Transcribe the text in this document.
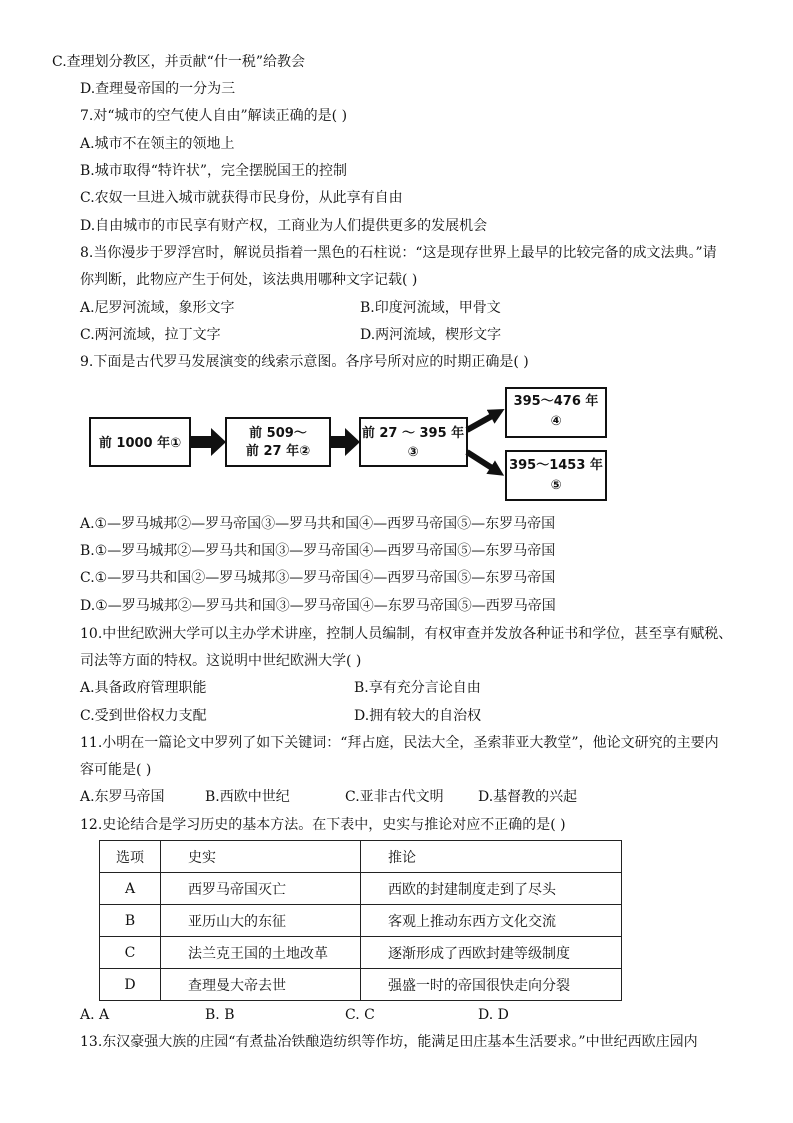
C.查理划分教区，并贡献“什一税”给教会
D.查理曼帝国的一分为三
7.对“城市的空气使人自由”解读正确的是( )
A.城市不在领主的领地上
B.城市取得“特许状”，完全摆脱国王的控制
C.农奴一旦进入城市就获得市民身份，从此享有自由
D.自由城市的市民享有财产权，工商业为人们提供更多的发展机会
8.当你漫步于罗浮宫时，解说员指着一黑色的石柱说：“这是现存世界上最早的比较完备的成文法典。”请
你判断，此物应产生于何处，该法典用哪种文字记载( )
A.尼罗河流域，象形文字	B.印度河流域，甲骨文
C.两河流域，拉丁文字	D.两河流域，楔形文字
9.下面是古代罗马发展演变的线索示意图。各序号所对应的时期正确是( )
前 1000 年①
前 509～
前 27 年②
前 27 ～ 395 年
③
395～476 年
④
395～1453 年
⑤
A.①—罗马城邦②—罗马帝国③—罗马共和国④—西罗马帝国⑤—东罗马帝国
B.①—罗马城邦②—罗马共和国③—罗马帝国④—西罗马帝国⑤—东罗马帝国
C.①—罗马共和国②—罗马城邦③—罗马帝国④—西罗马帝国⑤—东罗马帝国
D.①—罗马城邦②—罗马共和国③—罗马帝国④—东罗马帝国⑤—西罗马帝国
10.中世纪欧洲大学可以主办学术讲座，控制人员编制，有权审查并发放各种证书和学位，甚至享有赋税、
司法等方面的特权。这说明中世纪欧洲大学( )
A.具备政府管理职能	B.享有充分言论自由
C.受到世俗权力支配	D.拥有较大的自治权
11.小明在一篇论文中罗列了如下关键词：“拜占庭，民法大全，圣索菲亚大教堂”，他论文研究的主要内
容可能是( )
A.东罗马帝国	B.西欧中世纪	C.亚非古代文明 D.基督教的兴起
12.史论结合是学习历史的基本方法。在下表中，史实与推论对应不正确的是( )
选项	史实	推论
A	西罗马帝国灭亡	西欧的封建制度走到了尽头
B	亚历山大的东征	客观上推动东西方文化交流
C	法兰克王国的土地改革	逐渐形成了西欧封建等级制度
D	查理曼大帝去世	强盛一时的帝国很快走向分裂
A. A	B. B	C. C	D. D
13.东汉豪强大族的庄园“有煮盐冶铁酿造纺织等作坊，能满足田庄基本生活要求。”中世纪西欧庄园内
